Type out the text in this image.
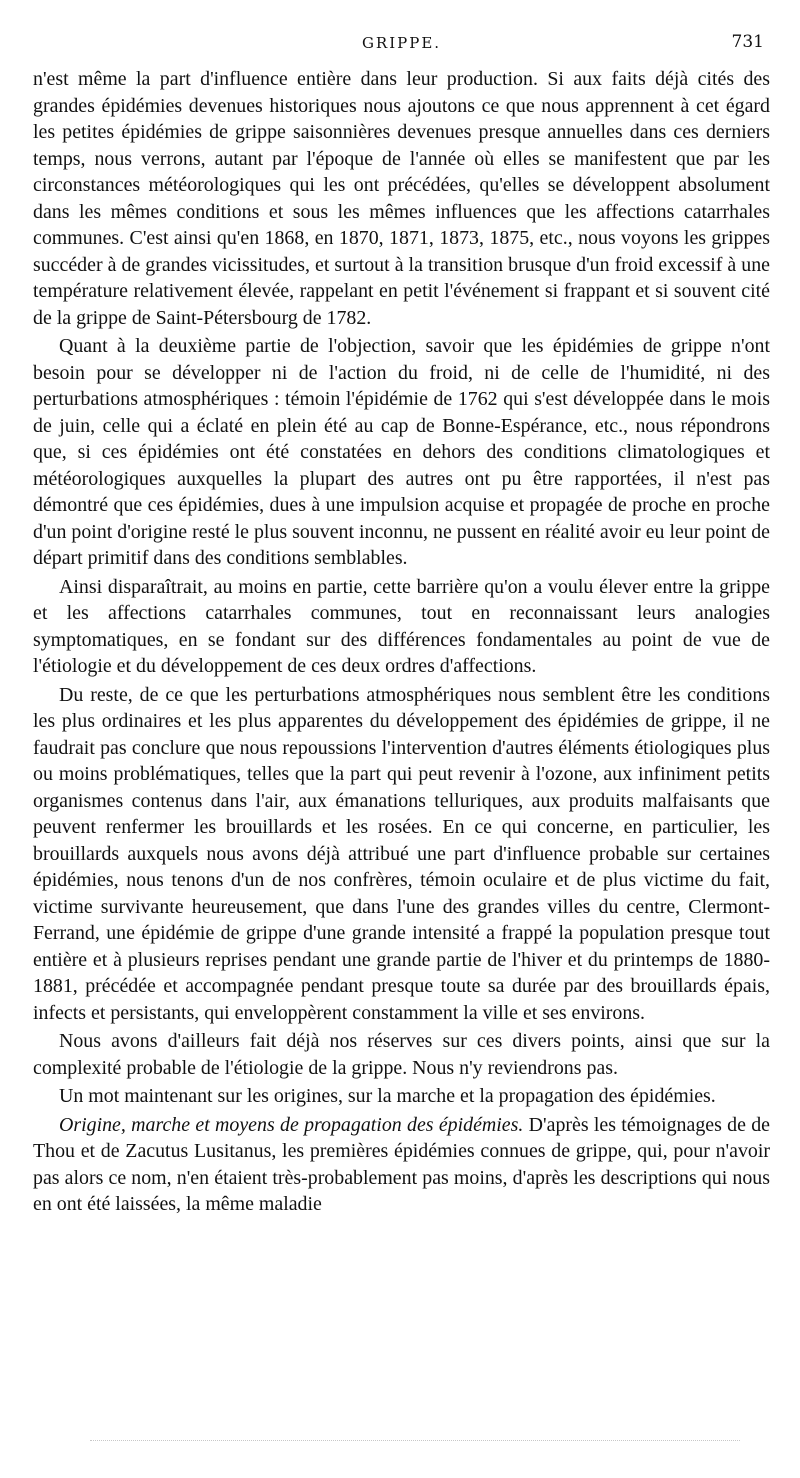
GRIPPE.	731

n'est même la part d'influence entière dans leur production. Si aux faits déjà cités des grandes épidémies devenues historiques nous ajoutons ce que nous apprennent à cet égard les petites épidémies de grippe saisonnières devenues presque annuelles dans ces derniers temps, nous verrons, autant par l'époque de l'année où elles se manifestent que par les circonstances météorologiques qui les ont précédées, qu'elles se développent absolument dans les mêmes conditions et sous les mêmes influences que les affections catarrhales communes. C'est ainsi qu'en 1868, en 1870, 1871, 1873, 1875, etc., nous voyons les grippes succéder à de grandes vicissitudes, et surtout à la transition brusque d'un froid excessif à une température relativement élevée, rappelant en petit l'événement si frappant et si souvent cité de la grippe de Saint-Pétersbourg de 1782.

Quant à la deuxième partie de l'objection, savoir que les épidémies de grippe n'ont besoin pour se développer ni de l'action du froid, ni de celle de l'humidité, ni des perturbations atmosphériques : témoin l'épidémie de 1762 qui s'est développée dans le mois de juin, celle qui a éclaté en plein été au cap de Bonne-Espérance, etc., nous répondrons que, si ces épidémies ont été constatées en dehors des conditions climatologiques et météorologiques auxquelles la plupart des autres ont pu être rapportées, il n'est pas démontré que ces épidémies, dues à une impulsion acquise et propagée de proche en proche d'un point d'origine resté le plus souvent inconnu, ne pussent en réalité avoir eu leur point de départ primitif dans des conditions semblables.

Ainsi disparaîtrait, au moins en partie, cette barrière qu'on a voulu élever entre la grippe et les affections catarrhales communes, tout en reconnaissant leurs analogies symptomatiques, en se fondant sur des différences fondamentales au point de vue de l'étiologie et du développement de ces deux ordres d'affections.

Du reste, de ce que les perturbations atmosphériques nous semblent être les conditions les plus ordinaires et les plus apparentes du développement des épidémies de grippe, il ne faudrait pas conclure que nous repoussions l'intervention d'autres éléments étiologiques plus ou moins problématiques, telles que la part qui peut revenir à l'ozone, aux infiniment petits organismes contenus dans l'air, aux émanations telluriques, aux produits malfaisants que peuvent renfermer les brouillards et les rosées. En ce qui concerne, en particulier, les brouillards auxquels nous avons déjà attribué une part d'influence probable sur certaines épidémies, nous tenons d'un de nos confrères, témoin oculaire et de plus victime du fait, victime survivante heureusement, que dans l'une des grandes villes du centre, Clermont-Ferrand, une épidémie de grippe d'une grande intensité a frappé la population presque tout entière et à plusieurs reprises pendant une grande partie de l'hiver et du printemps de 1880-1881, précédée et accompagnée pendant presque toute sa durée par des brouillards épais, infects et persistants, qui enveloppèrent constamment la ville et ses environs.

Nous avons d'ailleurs fait déjà nos réserves sur ces divers points, ainsi que sur la complexité probable de l'étiologie de la grippe. Nous n'y reviendrons pas.

Un mot maintenant sur les origines, sur la marche et la propagation des épidémies.

Origine, marche et moyens de propagation des épidémies. D'après les témoignages de de Thou et de Zacutus Lusitanus, les premières épidémies connues de grippe, qui, pour n'avoir pas alors ce nom, n'en étaient très-probablement pas moins, d'après les descriptions qui nous en ont été laissées, la même maladie
